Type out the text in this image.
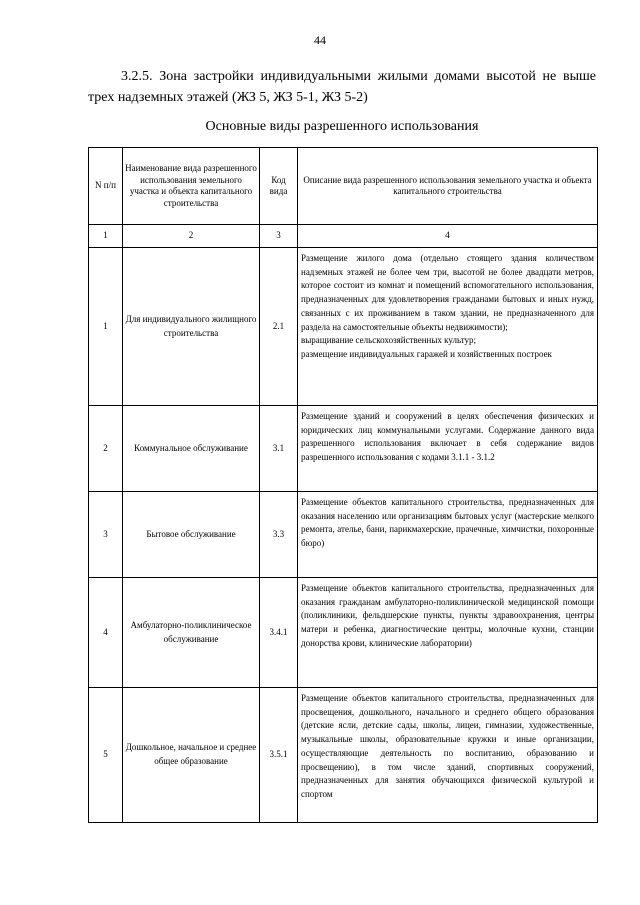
44
3.2.5. Зона застройки индивидуальными жилыми домами высотой не выше трех надземных этажей (ЖЗ 5, ЖЗ 5-1, ЖЗ 5-2)
Основные виды разрешенного использования
N п/п	Наименование вида разрешенного использования земельного участка и объекта капитального строительства	Код вида	Описание вида разрешенного использования земельного участка и объекта капитального строительства
1	2	3	4
1	Для индивидуального жилищного строительства	2.1	Размещение жилого дома (отдельно стоящего здания количеством надземных этажей не более чем три, высотой не более двадцати метров, которое состоит из комнат и помещений вспомогательного использования, предназначенных для удовлетворения гражданами бытовых и иных нужд, связанных с их проживанием в таком здании, не предназначенного для раздела на самостоятельные объекты недвижимости);
выращивание сельскохозяйственных культур;
размещение индивидуальных гаражей и хозяйственных построек
2	Коммунальное обслуживание	3.1	Размещение зданий и сооружений в целях обеспечения физических и юридических лиц коммунальными услугами. Содержание данного вида разрешенного использования включает в себя содержание видов разрешенного использования с кодами 3.1.1 - 3.1.2
3	Бытовое обслуживание	3.3	Размещение объектов капитального строительства, предназначенных для оказания населению или организациям бытовых услуг (мастерские мелкого ремонта, ателье, бани, парикмахерские, прачечные, химчистки, похоронные бюро)
4	Амбулаторно-поликлиническое обслуживание	3.4.1	Размещение объектов капитального строительства, предназначенных для оказания гражданам амбулаторно-поликлинической медицинской помощи (поликлиники, фельдшерские пункты, пункты здравоохранения, центры матери и ребенка, диагностические центры, молочные кухни, станции донорства крови, клинические лаборатории)
5	Дошкольное, начальное и среднее общее образование	3.5.1	Размещение объектов капитального строительства, предназначенных для просвещения, дошкольного, начального и среднего общего образования (детские ясли, детские сады, школы, лицеи, гимназии, художественные, музыкальные школы, образовательные кружки и иные организации, осуществляющие деятельность по воспитанию, образованию и просвещению), в том числе зданий, спортивных сооружений, предназначенных для занятия обучающихся физической культурой и спортом
